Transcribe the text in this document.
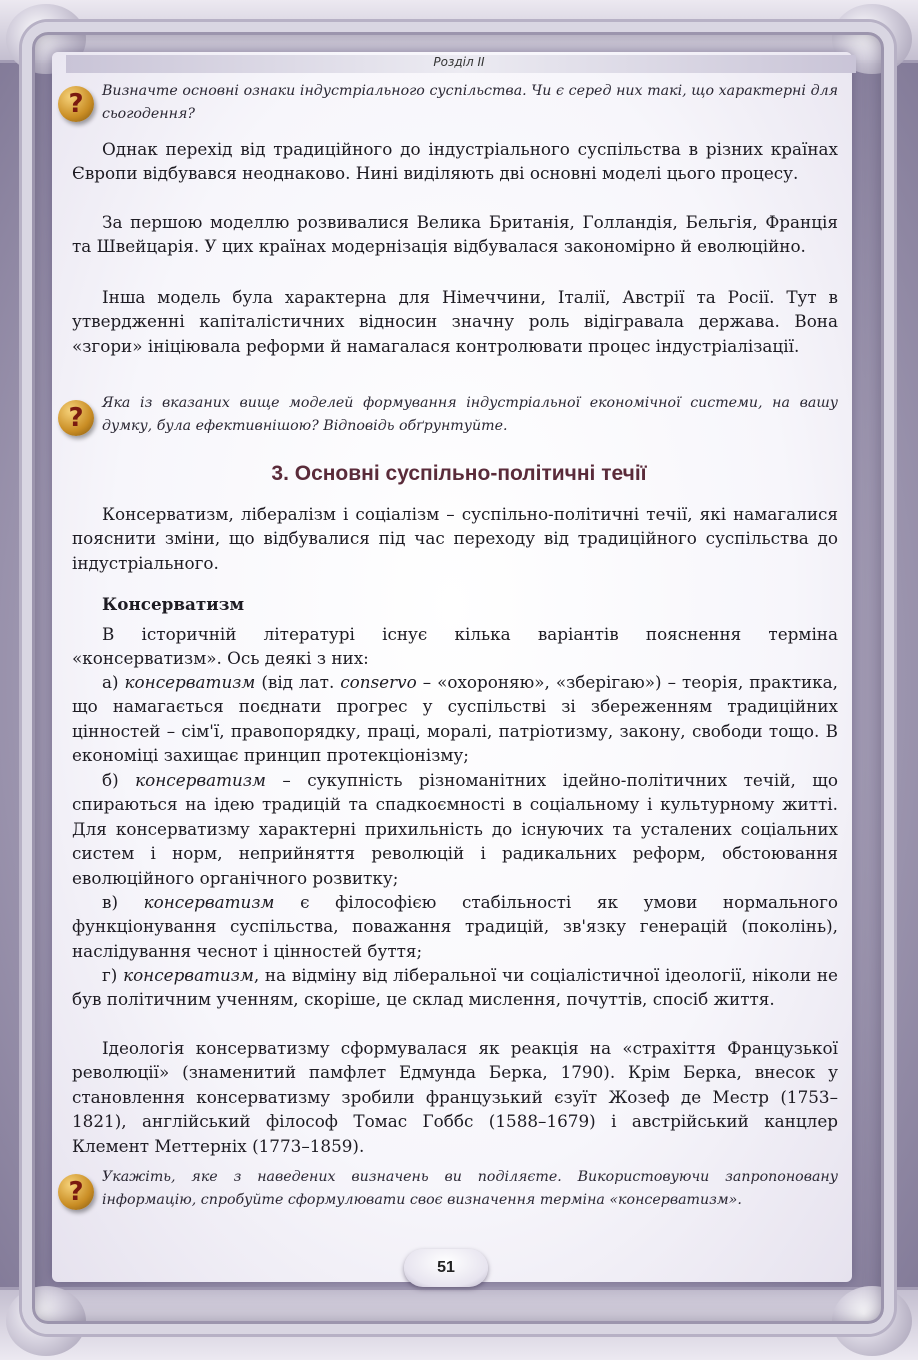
Розділ II
?	Визначте основні ознаки індустріального суспільства. Чи є серед них такі, що характерні для сьогодення?
Однак перехід від традиційного до індустріального суспільства в різних країнах Європи відбувався неоднаково. Нині виділяють дві основні моделі цього процесу.
За першою моделлю розвивалися Велика Британія, Голландія, Бельгія, Франція та Швейцарія. У цих країнах модернізація відбувалася закономірно й еволюційно.
Інша модель була характерна для Німеччини, Італії, Австрії та Росії. Тут в утвердженні капіталістичних відносин значну роль відігравала держава. Вона «згори» ініціювала реформи й намагалася контролювати процес індустріалізації.
?	Яка із вказаних вище моделей формування індустріальної економічної системи, на вашу думку, була ефективнішою? Відповідь обґрунтуйте.
3. Основні суспільно-політичні течії
Консерватизм, лібералізм і соціалізм – суспільно-політичні течії, які намагалися пояснити зміни, що відбувалися під час переходу від традиційного суспільства до індустріального.
Консерватизм
В історичній літературі існує кілька варіантів пояснення терміна «консерватизм». Ось деякі з них:
а) консерватизм (від лат. conservo – «охороняю», «зберігаю») – теорія, практика, що намагається поєднати прогрес у суспільстві зі збереженням традиційних цінностей – сім'ї, правопорядку, праці, моралі, патріотизму, закону, свободи тощо. В економіці захищає принцип протекціонізму;
б) консерватизм – сукупність різноманітних ідейно-політичних течій, що спираються на ідею традицій та спадкоємності в соціальному і культурному житті. Для консерватизму характерні прихильність до існуючих та усталених соціальних систем і норм, неприйняття революцій і радикальних реформ, обстоювання еволюційного органічного розвитку;
в) консерватизм є філософією стабільності як умови нормального функціонування суспільства, поважання традицій, зв'язку генерацій (поколінь), наслідування чеснот і цінностей буття;
г) консерватизм, на відміну від ліберальної чи соціалістичної ідеології, ніколи не був політичним ученням, скоріше, це склад мислення, почуттів, спосіб життя.
Ідеологія консерватизму сформувалася як реакція на «страхіття Французької революції» (знаменитий памфлет Едмунда Берка, 1790). Крім Берка, внесок у становлення консерватизму зробили французький єзуїт Жозеф де Местр (1753–1821), англійський філософ Томас Гоббс (1588–1679) і австрійський канцлер Клемент Меттерніх (1773–1859).
?	Укажіть, яке з наведених визначень ви поділяєте. Використовуючи запропоновану інформацію, спробуйте сформулювати своє визначення терміна «консерватизм».
51
